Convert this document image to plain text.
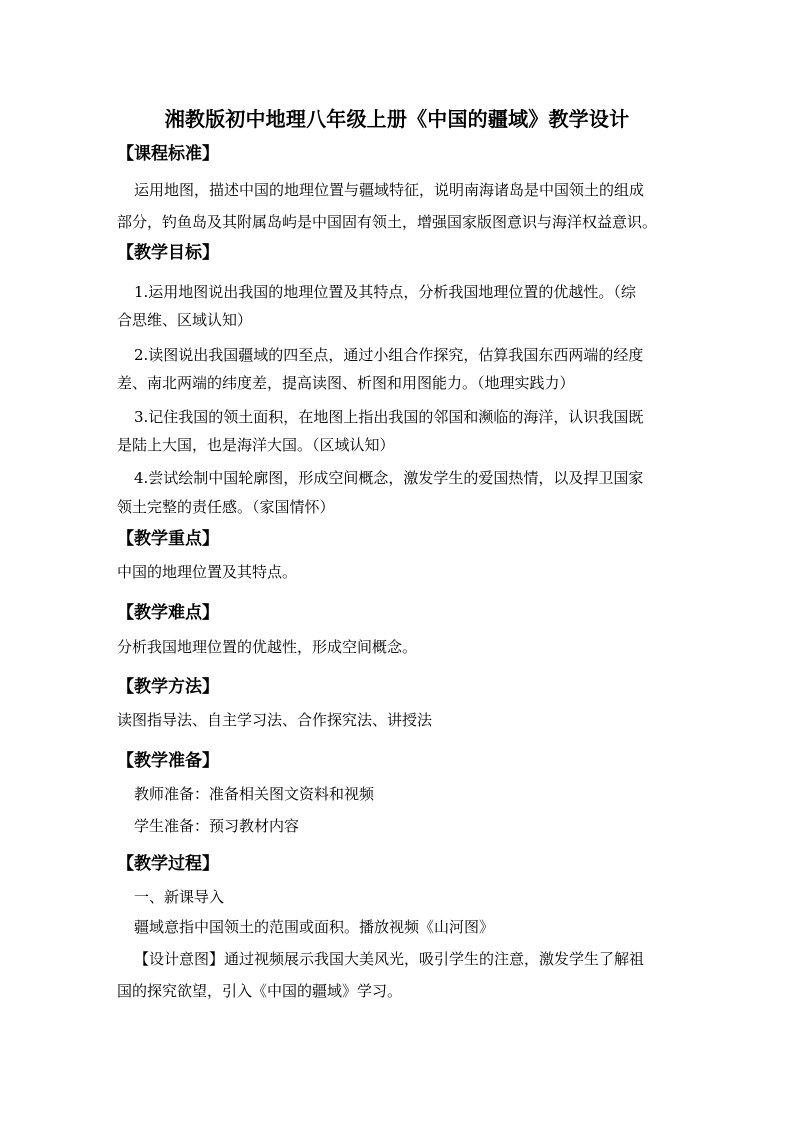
湘教版初中地理八年级上册《中国的疆域》教学设计
【课程标准】
运用地图，描述中国的地理位置与疆域特征，说明南海诸岛是中国领土的组成
部分，钓鱼岛及其附属岛屿是中国固有领土，增强国家版图意识与海洋权益意识。
【教学目标】
1.运用地图说出我国的地理位置及其特点，分析我国地理位置的优越性。（综
合思维、区域认知）
2.读图说出我国疆域的四至点，通过小组合作探究，估算我国东西两端的经度
差、南北两端的纬度差，提高读图、析图和用图能力。（地理实践力）
3.记住我国的领土面积，在地图上指出我国的邻国和濒临的海洋，认识我国既
是陆上大国，也是海洋大国。（区域认知）
4.尝试绘制中国轮廓图，形成空间概念，激发学生的爱国热情，以及捍卫国家
领土完整的责任感。（家国情怀）
【教学重点】
中国的地理位置及其特点。
【教学难点】
分析我国地理位置的优越性，形成空间概念。
【教学方法】
读图指导法、自主学习法、合作探究法、讲授法
【教学准备】
教师准备：准备相关图文资料和视频
学生准备：预习教材内容
【教学过程】
一、新课导入
疆域意指中国领土的范围或面积。播放视频《山河图》
【设计意图】通过视频展示我国大美风光，吸引学生的注意，激发学生了解祖
国的探究欲望，引入《中国的疆域》学习。
